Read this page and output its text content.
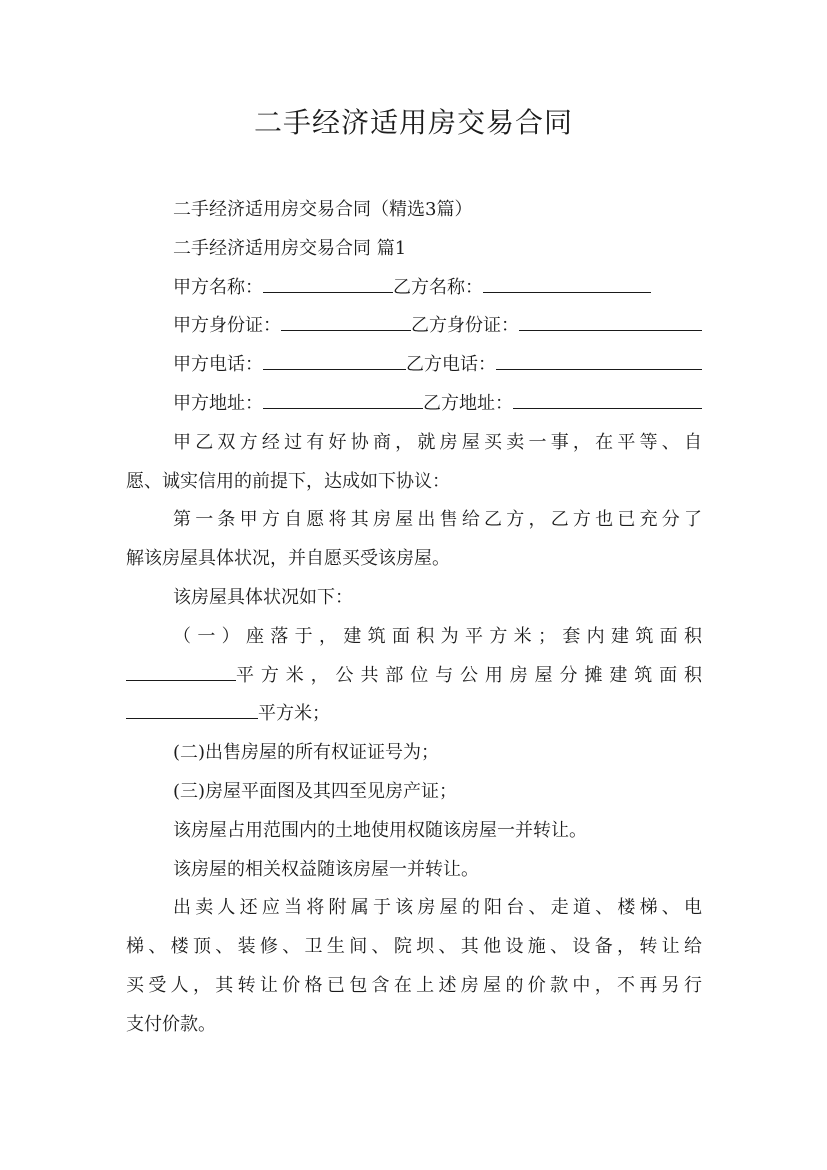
二手经济适用房交易合同
二手经济适用房交易合同（精选3篇）
二手经济适用房交易合同 篇1
甲方名称：	乙方名称：
甲方身份证：	乙方身份证：
甲方电话：	乙方电话：
甲方地址：	乙方地址：
甲乙双方经过有好协商，就房屋买卖一事，在平等、自
愿、诚实信用的前提下，达成如下协议：
第一条甲方自愿将其房屋出售给乙方，乙方也已充分了
解该房屋具体状况，并自愿买受该房屋。
该房屋具体状况如下：
（一）座落于，建筑面积为平方米；套内建筑面积
平方米，公共部位与公用房屋分摊建筑面积
平方米；
(二)出售房屋的所有权证证号为；
(三)房屋平面图及其四至见房产证；
该房屋占用范围内的土地使用权随该房屋一并转让。
该房屋的相关权益随该房屋一并转让。
出卖人还应当将附属于该房屋的阳台、走道、楼梯、电
梯、楼顶、装修、卫生间、院坝、其他设施、设备，转让给
买受人，其转让价格已包含在上述房屋的价款中，不再另行
支付价款。
